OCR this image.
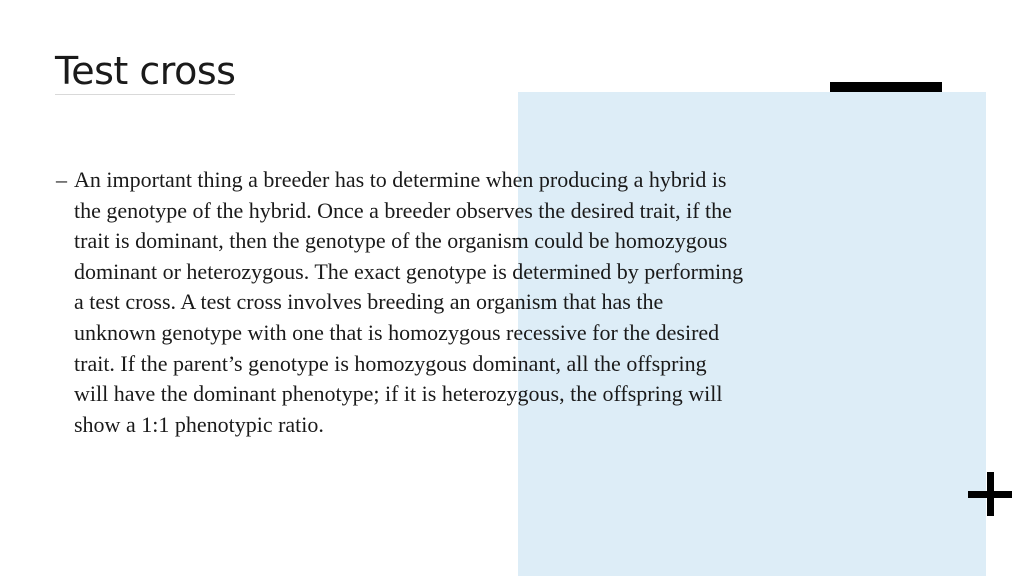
Test cross
– An important thing a breeder has to determine when producing a hybrid is the genotype of the hybrid. Once a breeder observes the desired trait, if the trait is dominant, then the genotype of the organism could be homozygous dominant or heterozygous. The exact genotype is determined by performing a test cross. A test cross involves breeding an organism that has the unknown genotype with one that is homozygous recessive for the desired trait. If the parent’s genotype is homozygous dominant, all the offspring will have the dominant phenotype; if it is heterozygous, the offspring will show a 1:1 phenotypic ratio.
